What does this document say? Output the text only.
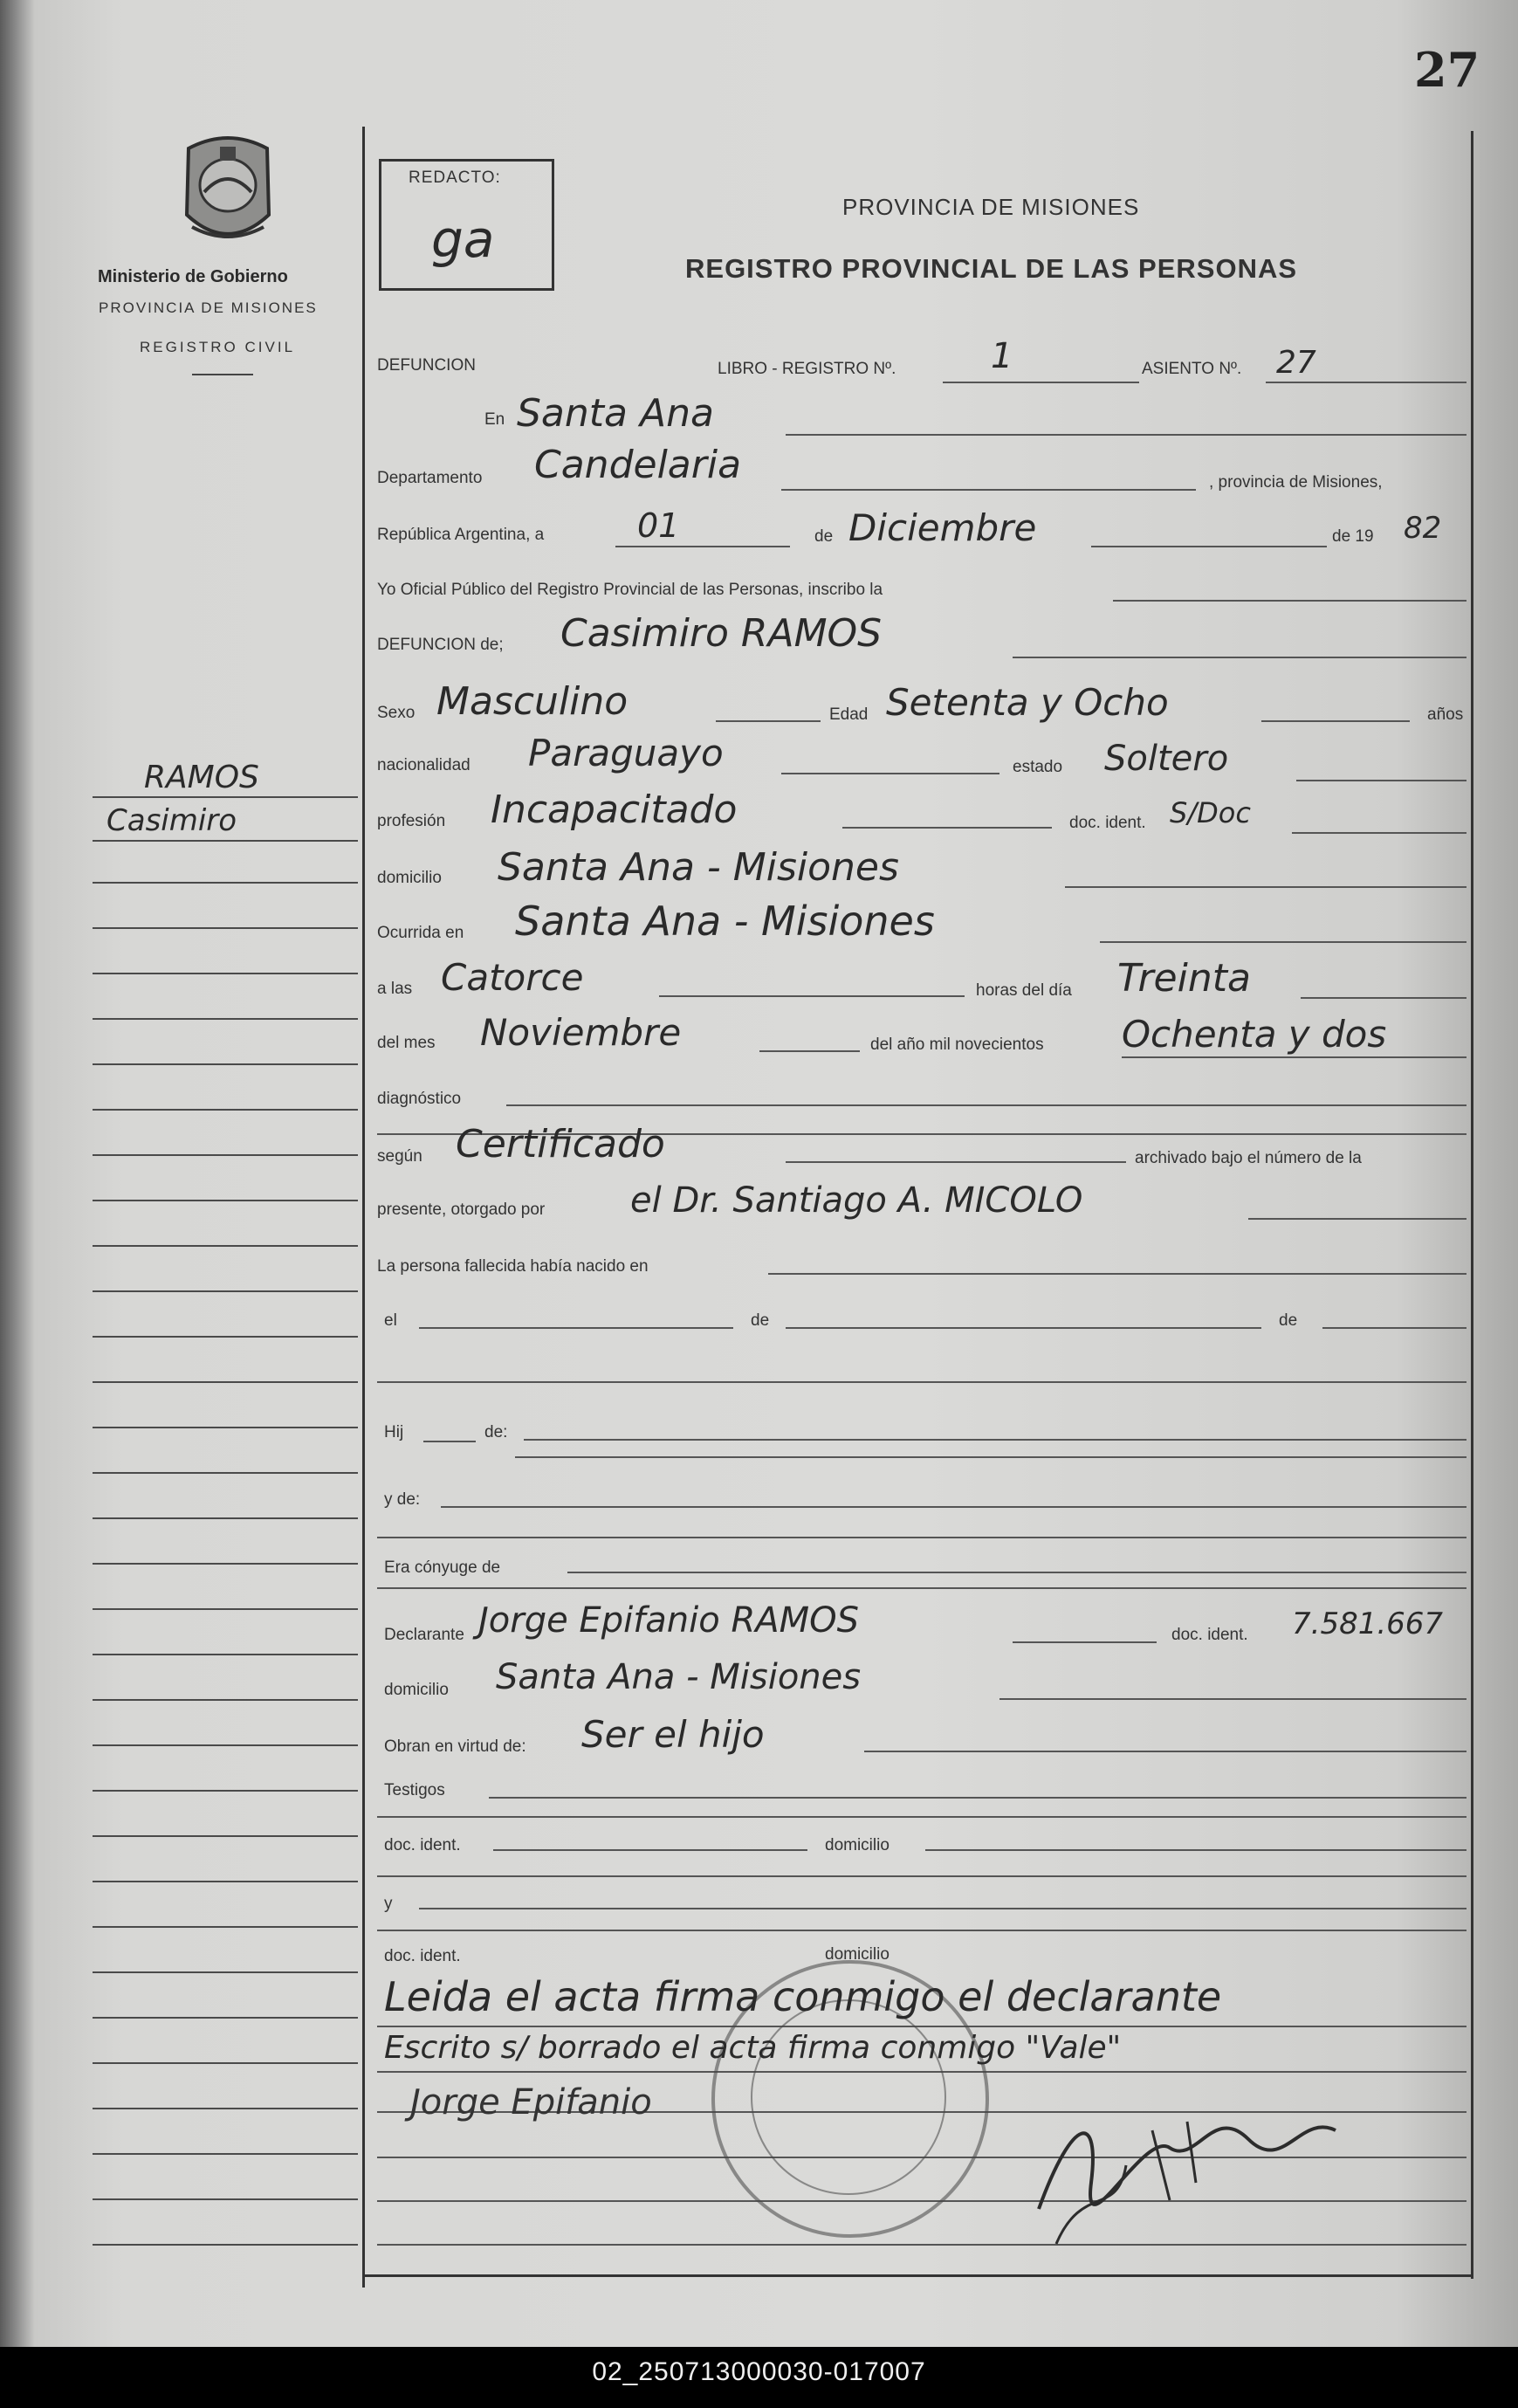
02_250713000030-017007
27
Ministerio de Gobierno
PROVINCIA DE MISIONES
REGISTRO CIVIL
REDACTO:
ga
PROVINCIA DE MISIONES
REGISTRO PROVINCIAL DE LAS PERSONAS
RAMOS
Casimiro
DEFUNCION	LIBRO - REGISTRO Nº.	1	ASIENTO Nº. 27
En Santa Ana
Departamento Candelaria	, provincia de Misiones,
República Argentina, a	01	de Diciembre	de 19 82
Yo Oficial Público del Registro Provincial de las Personas, inscribo la
DEFUNCION de; Casimiro RAMOS
Sexo Masculino	Edad Setenta y Ocho	años
nacionalidad Paraguayo	estado Soltero
profesión Incapacitado	doc. ident. S/Doc
domicilio Santa Ana - Misiones
Ocurrida en Santa Ana - Misiones
a las Catorce	horas del día Treinta
del mes Noviembre	del año mil novecientos Ochenta y dos
diagnóstico
según Certificado	archivado bajo el número de la
presente, otorgado por el Dr. Santiago A. MICOLO
La persona fallecida había nacido en
el	de	de
Hij	de:
y de:
Era cónyuge de
Declarante Jorge Epifanio RAMOS	doc. ident. 7.581.667
domicilio Santa Ana - Misiones
Obran en virtud de: Ser el hijo
Testigos
doc. ident.	domicilio
y
doc. ident.	domicilio
Leida el acta firma conmigo el declarante
Escrito s/ borrado el acta firma conmigo "Vale"
Jorge Epifanio
